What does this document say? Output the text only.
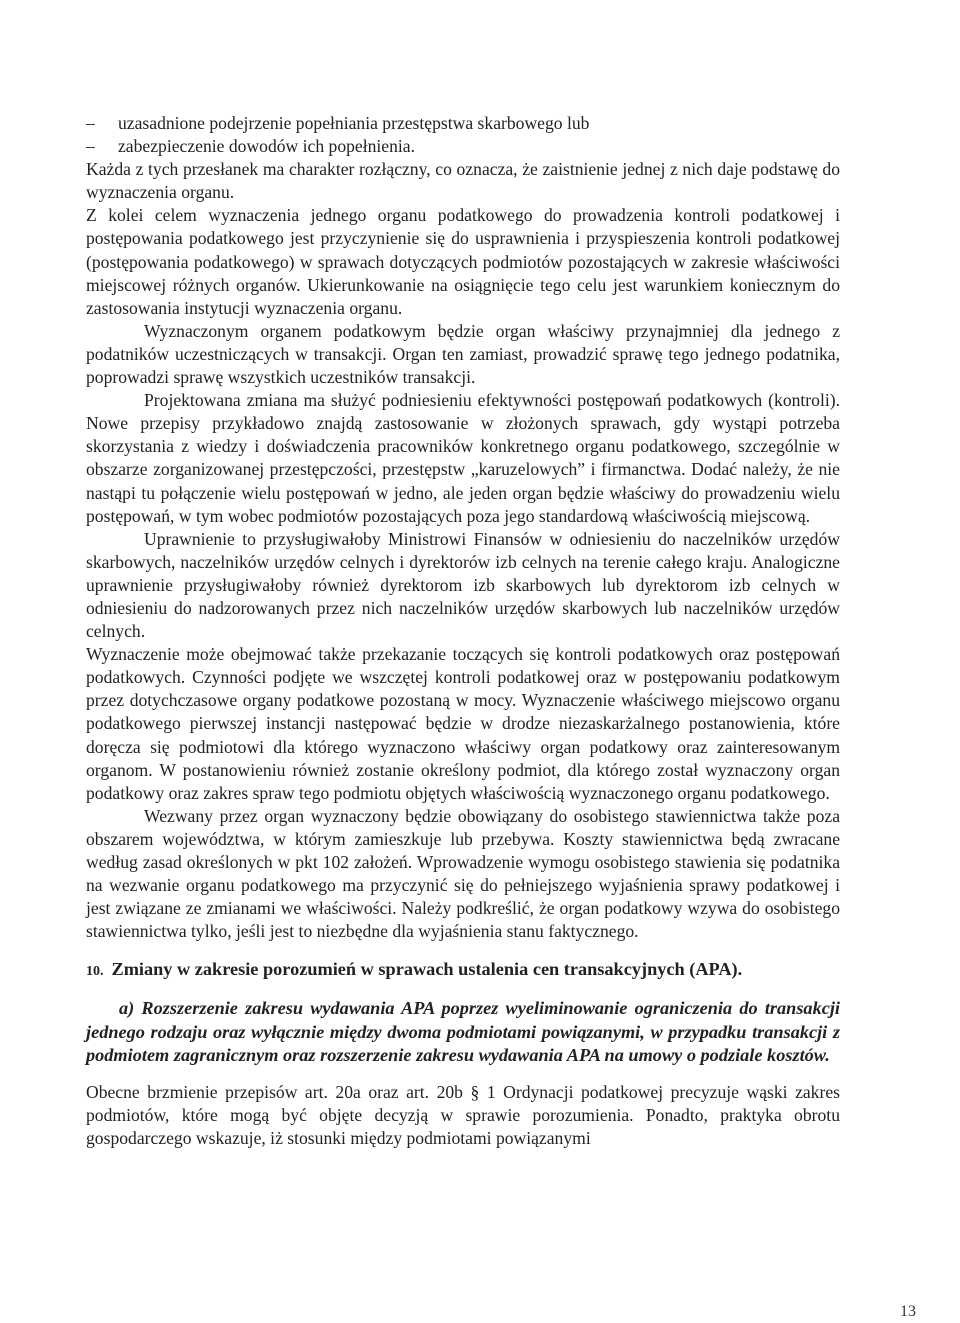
– uzasadnione podejrzenie popełniania przestępstwa skarbowego lub

– zabezpieczenie dowodów ich popełnienia.

Każda z tych przesłanek ma charakter rozłączny, co oznacza, że zaistnienie jednej z nich daje podstawę do wyznaczenia organu.

Z kolei celem wyznaczenia jednego organu podatkowego do prowadzenia kontroli podatkowej i postępowania podatkowego jest przyczynienie się do usprawnienia i przyspieszenia kontroli podatkowej (postępowania podatkowego) w sprawach dotyczących podmiotów pozostających w zakresie właściwości miejscowej różnych organów. Ukierunkowanie na osiągnięcie tego celu jest warunkiem koniecznym do zastosowania instytucji wyznaczenia organu.

Wyznaczonym organem podatkowym będzie organ właściwy przynajmniej dla jednego z podatników uczestniczących w transakcji. Organ ten zamiast, prowadzić sprawę tego jednego podatnika, poprowadzi sprawę wszystkich uczestników transakcji.

Projektowana zmiana ma służyć podniesieniu efektywności postępowań podatkowych (kontroli). Nowe przepisy przykładowo znajdą zastosowanie w złożonych sprawach, gdy wystąpi potrzeba skorzystania z wiedzy i doświadczenia pracowników konkretnego organu podatkowego, szczególnie w obszarze zorganizowanej przestępczości, przestępstw „karuzelowych” i firmanctwa. Dodać należy, że nie nastąpi tu połączenie wielu postępowań w jedno, ale jeden organ będzie właściwy do prowadzeniu wielu postępowań, w tym wobec podmiotów pozostających poza jego standardową właściwością miejscową.

Uprawnienie to przysługiwałoby Ministrowi Finansów w odniesieniu do naczelników urzędów skarbowych, naczelników urzędów celnych i dyrektorów izb celnych na terenie całego kraju. Analogiczne uprawnienie przysługiwałoby również dyrektorom izb skarbowych lub dyrektorom izb celnych w odniesieniu do nadzorowanych przez nich naczelników urzędów skarbowych lub naczelników urzędów celnych.

Wyznaczenie może obejmować także przekazanie toczących się kontroli podatkowych oraz postępowań podatkowych. Czynności podjęte we wszczętej kontroli podatkowej oraz w postępowaniu podatkowym przez dotychczasowe organy podatkowe pozostaną w mocy. Wyznaczenie właściwego miejscowo organu podatkowego pierwszej instancji następować będzie w drodze niezaskarżalnego postanowienia, które doręcza się podmiotowi dla którego wyznaczono właściwy organ podatkowy oraz zainteresowanym organom. W postanowieniu również zostanie określony podmiot, dla którego został wyznaczony organ podatkowy oraz zakres spraw tego podmiotu objętych właściwością wyznaczonego organu podatkowego.

Wezwany przez organ wyznaczony będzie obowiązany do osobistego stawiennictwa także poza obszarem województwa, w którym zamieszkuje lub przebywa. Koszty stawiennictwa będą zwracane według zasad określonych w pkt 102 założeń. Wprowadzenie wymogu osobistego stawienia się podatnika na wezwanie organu podatkowego ma przyczynić się do pełniejszego wyjaśnienia sprawy podatkowej i jest związane ze zmianami we właściwości. Należy podkreślić, że organ podatkowy wzywa do osobistego stawiennictwa tylko, jeśli jest to niezbędne dla wyjaśnienia stanu faktycznego.

10. Zmiany w zakresie porozumień w sprawach ustalenia cen transakcyjnych (APA).

a) Rozszerzenie zakresu wydawania APA poprzez wyeliminowanie ograniczenia do transakcji jednego rodzaju oraz wyłącznie między dwoma podmiotami powiązanymi, w przypadku transakcji z podmiotem zagranicznym oraz rozszerzenie zakresu wydawania APA na umowy o podziale kosztów.

Obecne brzmienie przepisów art. 20a oraz art. 20b § 1 Ordynacji podatkowej precyzuje wąski zakres podmiotów, które mogą być objęte decyzją w sprawie porozumienia. Ponadto, praktyka obrotu gospodarczego wskazuje, iż stosunki między podmiotami powiązanymi

13
